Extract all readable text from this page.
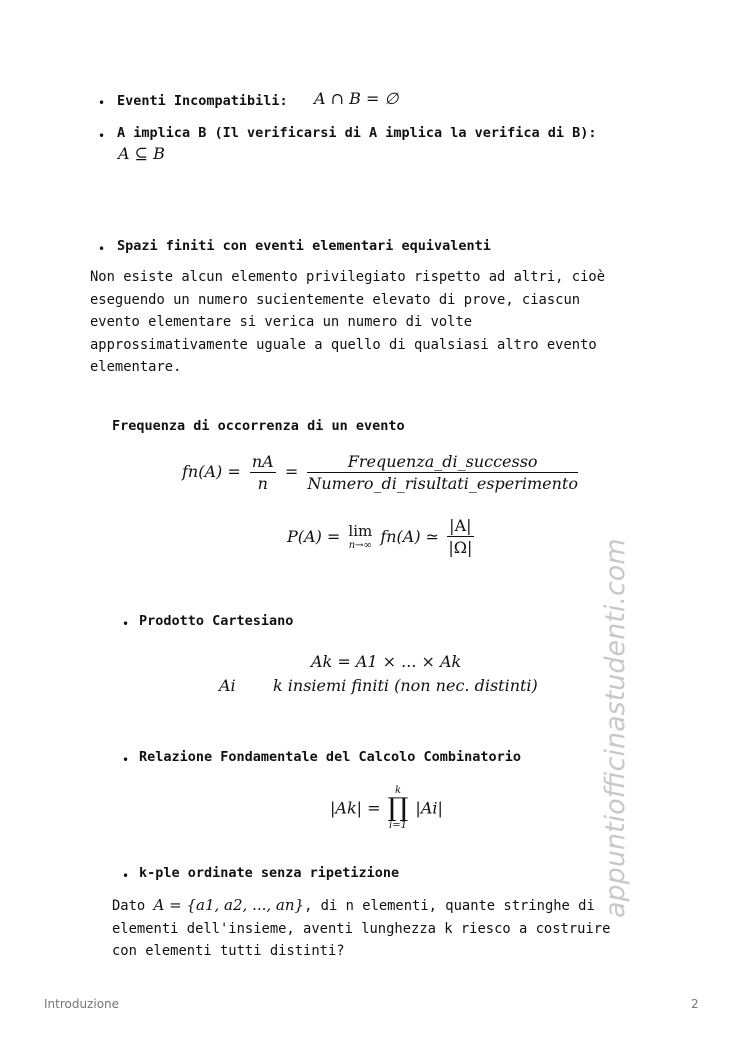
• Eventi Incompatibili: A ∩ B = ∅
• A implica B (Il verificarsi di A implica la verifica di B):
A ⊆ B
• Spazi finiti con eventi elementari equivalenti
Non esiste alcun elemento privilegiato rispetto ad altri, cioè
eseguendo un numero sucientemente elevato di prove, ciascun
evento elementare si verica un numero di volte
approssimativamente uguale a quello di qualsiasi altro evento
elementare.
Frequenza di occorrenza di un evento
$fn(A) = \frac{nA}{n} = \frac{\text{Frequenza\_di\_successo}}{\text{Numero\_di\_risultati\_esperimento}}$
P(A) = lim
n→∞ fn(A) ≃ $\frac{|A|}{|\Omega|}$
• Prodotto Cartesiano
Ak = A1 × ... × Ak
Ai k insiemi finiti (non nec. distinti)
• Relazione Fondamentale del Calcolo Combinatorio
|Ak| =
k
∏
i=1
|Ai|
• k-ple ordinate senza ripetizione
Dato A = {a1, a2, ..., an}, di n elementi, quante stringhe di
elementi dell'insieme, aventi lunghezza k riesco a costruire
con elementi tutti distinti?
appuntiofficinastudenti.com
Introduzione	2
